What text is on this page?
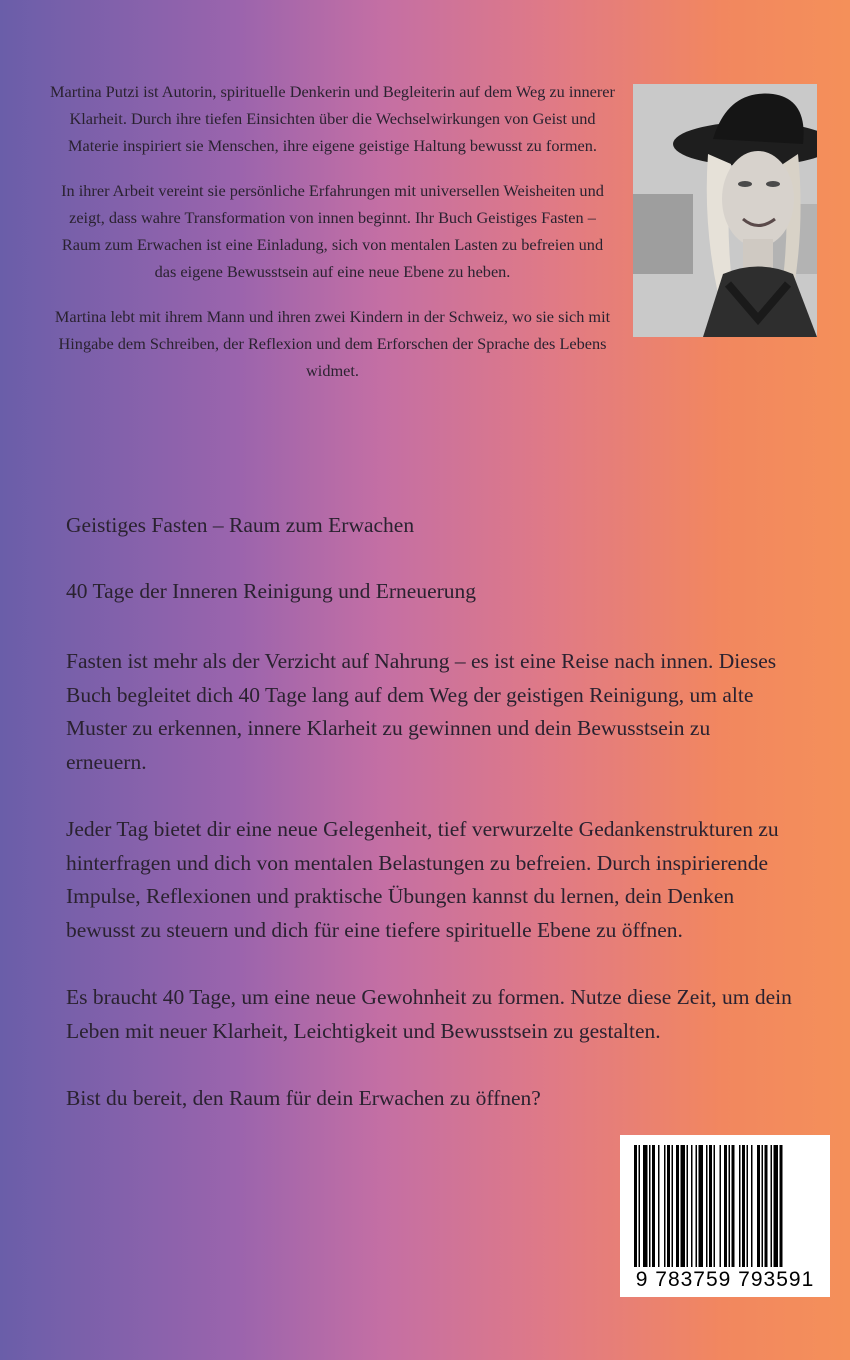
Martina Putzi ist Autorin, spirituelle Denkerin und Begleiterin auf dem Weg zu innerer Klarheit. Durch ihre tiefen Einsichten über die Wechselwirkungen von Geist und Materie inspiriert sie Menschen, ihre eigene geistige Haltung bewusst zu formen.

In ihrer Arbeit vereint sie persönliche Erfahrungen mit universellen Weisheiten und zeigt, dass wahre Transformation von innen beginnt. Ihr Buch Geistiges Fasten – Raum zum Erwachen ist eine Einladung, sich von mentalen Lasten zu befreien und das eigene Bewusstsein auf eine neue Ebene zu heben.

Martina lebt mit ihrem Mann und ihren zwei Kindern in der Schweiz, wo sie sich mit Hingabe dem Schreiben, der Reflexion und dem Erforschen der Sprache des Lebens widmet.

Geistiges Fasten – Raum zum Erwachen
40 Tage der Inneren Reinigung und Erneuerung

Fasten ist mehr als der Verzicht auf Nahrung – es ist eine Reise nach innen. Dieses Buch begleitet dich 40 Tage lang auf dem Weg der geistigen Reinigung, um alte Muster zu erkennen, innere Klarheit zu gewinnen und dein Bewusstsein zu erneuern.

Jeder Tag bietet dir eine neue Gelegenheit, tief verwurzelte Gedankenstrukturen zu hinterfragen und dich von mentalen Belastungen zu befreien. Durch inspirierende Impulse, Reflexionen und praktische Übungen kannst du lernen, dein Denken bewusst zu steuern und dich für eine tiefere spirituelle Ebene zu öffnen.

Es braucht 40 Tage, um eine neue Gewohnheit zu formen. Nutze diese Zeit, um dein Leben mit neuer Klarheit, Leichtigkeit und Bewusstsein zu gestalten.

Bist du bereit, den Raum für dein Erwachen zu öffnen?

9 783759 793591
